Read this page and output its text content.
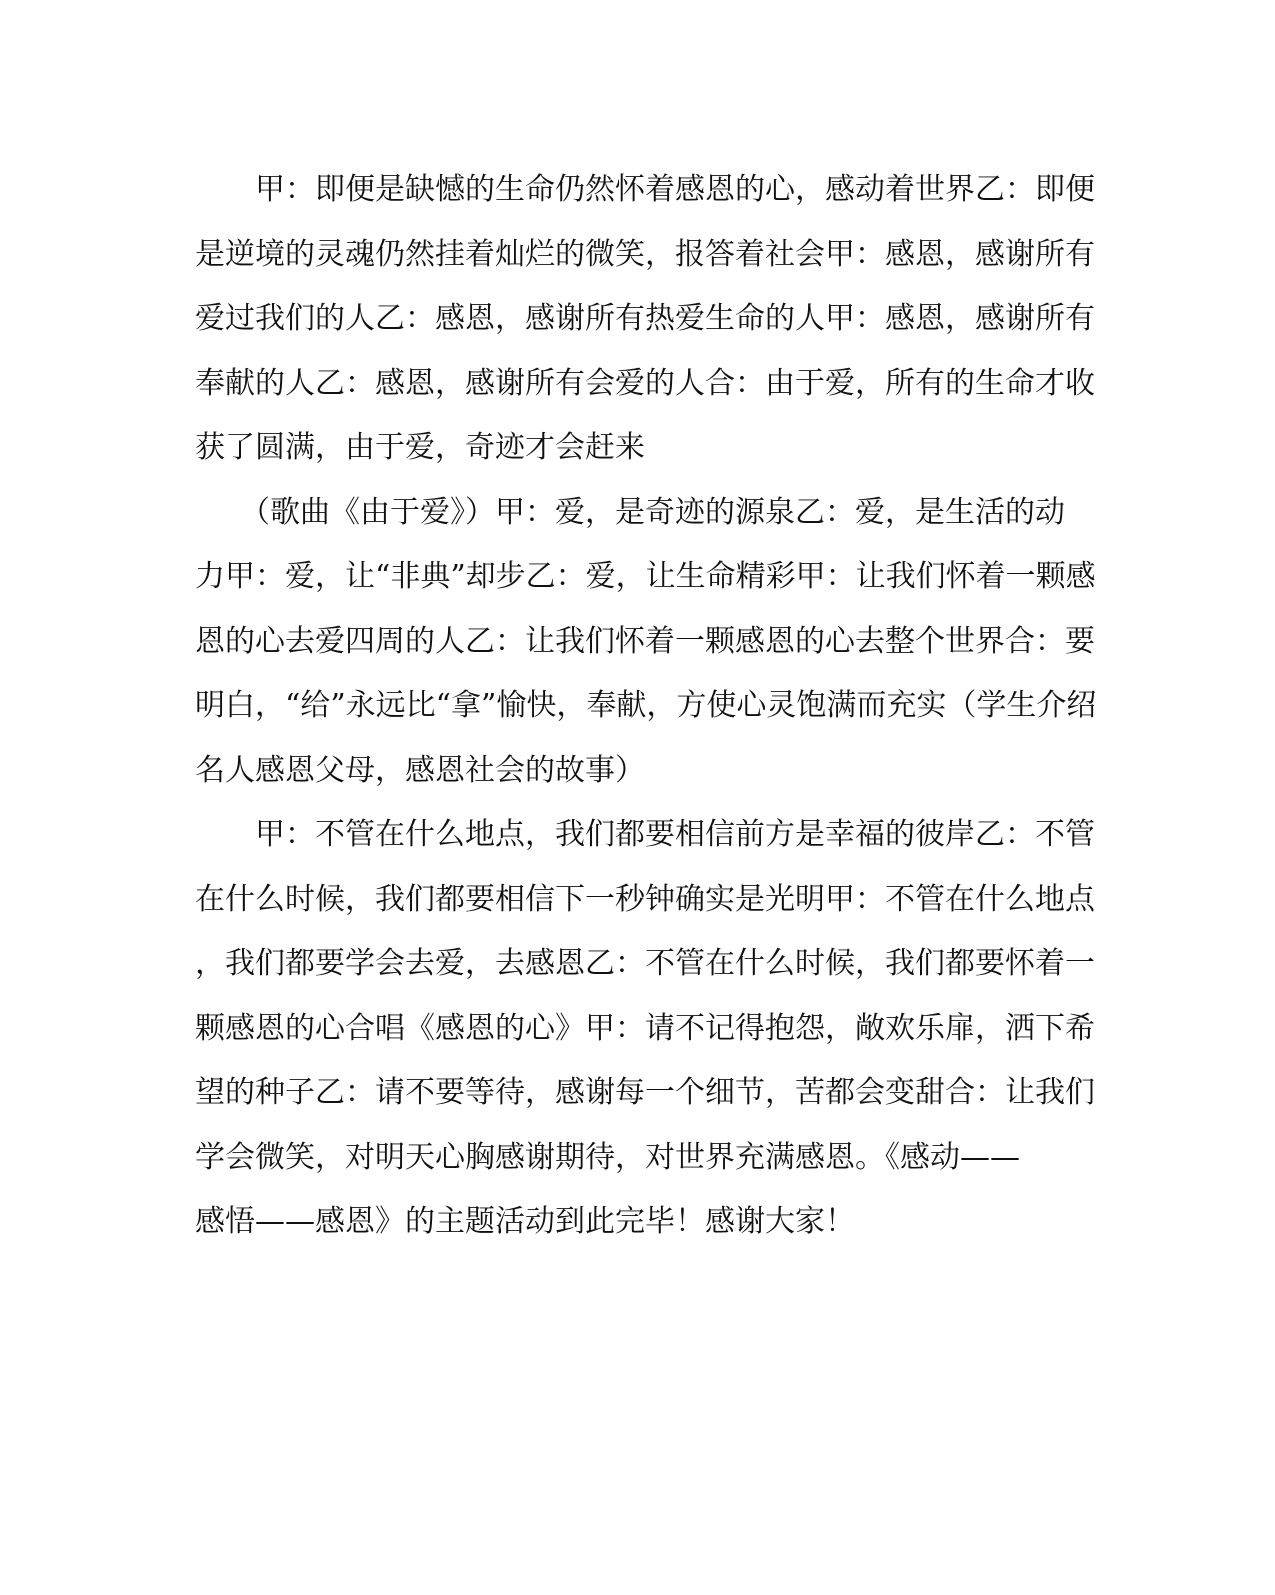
　　甲：即便是缺憾的生命仍然怀着感恩的心，感动着世界乙：即便
是逆境的灵魂仍然挂着灿烂的微笑，报答着社会甲：感恩，感谢所有
爱过我们的人乙：感恩，感谢所有热爱生命的人甲：感恩，感谢所有
奉献的人乙：感恩，感谢所有会爱的人合：由于爱，所有的生命才收
获了圆满，由于爱，奇迹才会赶来
　　（歌曲《由于爱》）甲：爱，是奇迹的源泉乙：爱，是生活的动
力甲：爱，让“非典”却步乙：爱，让生命精彩甲：让我们怀着一颗感
恩的心去爱四周的人乙：让我们怀着一颗感恩的心去整个世界合：要
明白，“给”永远比“拿”愉快，奉献，方使心灵饱满而充实（学生介绍
名人感恩父母，感恩社会的故事）
　　甲：不管在什么地点，我们都要相信前方是幸福的彼岸乙：不管
在什么时候，我们都要相信下一秒钟确实是光明甲：不管在什么地点
，我们都要学会去爱，去感恩乙：不管在什么时候，我们都要怀着一
颗感恩的心合唱《感恩的心》甲：请不记得抱怨，敞欢乐扉，洒下希
望的种子乙：请不要等待，感谢每一个细节，苦都会变甜合：让我们
学会微笑，对明天心胸感谢期待，对世界充满感恩。《感动——
感悟——感恩》的主题活动到此完毕！感谢大家！
